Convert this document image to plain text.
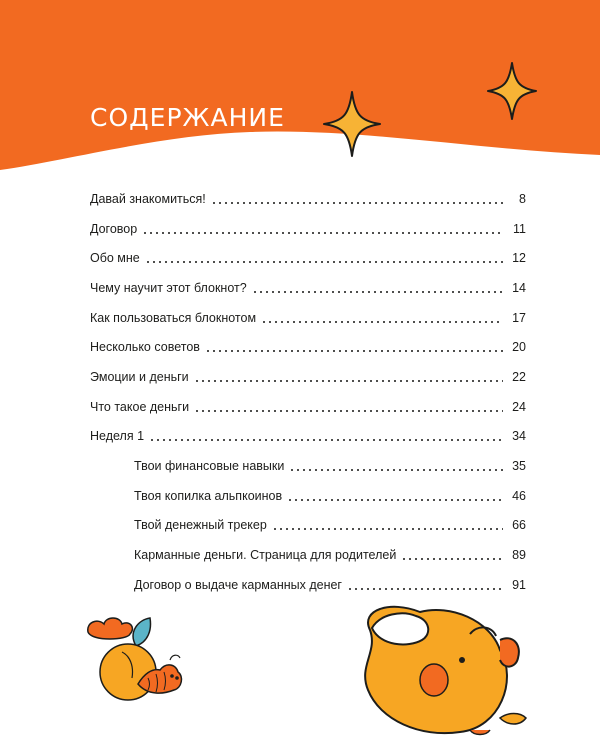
СОДЕРЖАНИЕ
Давай знакомиться!	8
Договор	11
Обо мне	12
Чему научит этот блокнот?	14
Как пользоваться блокнотом	17
Несколько советов	20
Эмоции и деньги	22
Что такое деньги	24
Неделя 1	34
Твои финансовые навыки	35
Твоя копилка альпкоинов	46
Твой денежный трекер	66
Карманные деньги. Страница для родителей	89
Договор о выдаче карманных денег	91
